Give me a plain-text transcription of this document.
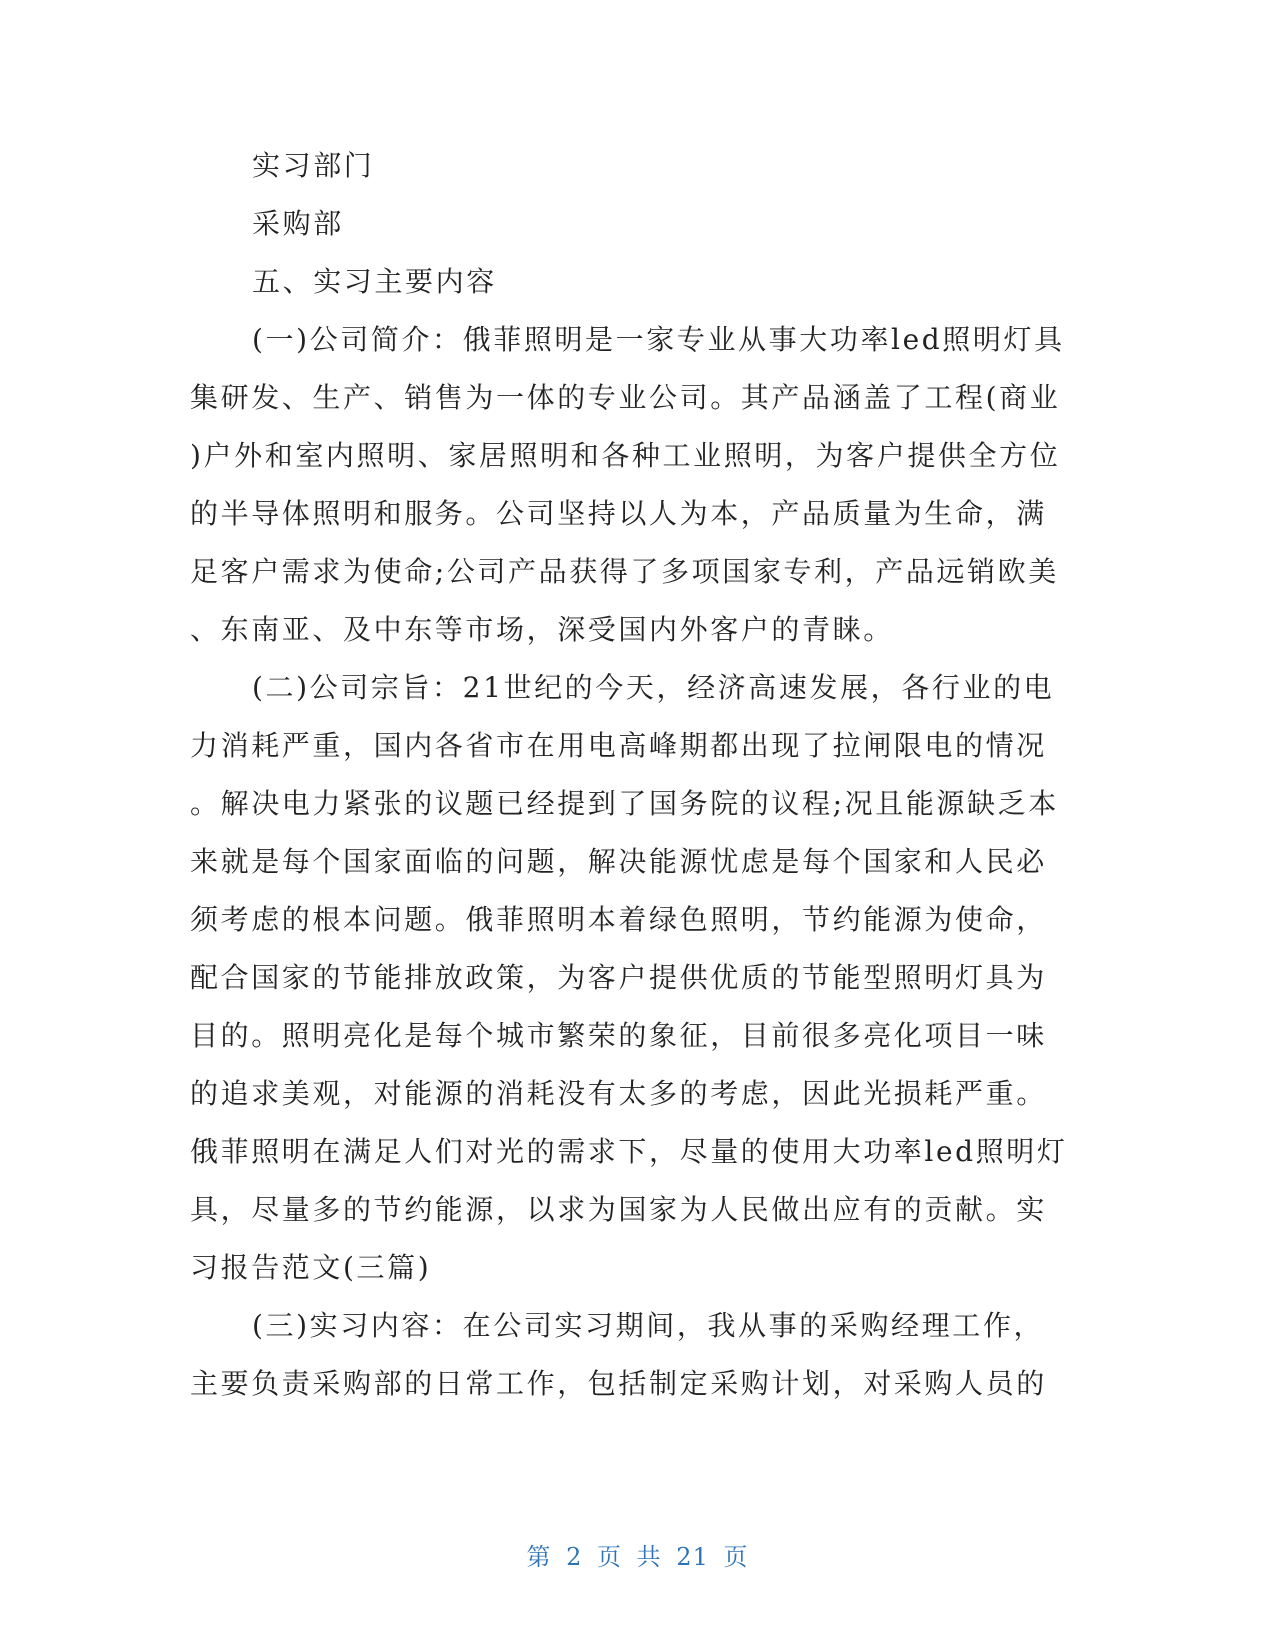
实习部门
采购部
五、实习主要内容
(一)公司简介：俄菲照明是一家专业从事大功率led照明灯具
集研发、生产、销售为一体的专业公司。其产品涵盖了工程(商业
)户外和室内照明、家居照明和各种工业照明，为客户提供全方位
的半导体照明和服务。公司坚持以人为本，产品质量为生命，满
足客户需求为使命;公司产品获得了多项国家专利，产品远销欧美
、东南亚、及中东等市场，深受国内外客户的青睐。
(二)公司宗旨：21世纪的今天，经济高速发展，各行业的电
力消耗严重，国内各省市在用电高峰期都出现了拉闸限电的情况
。解决电力紧张的议题已经提到了国务院的议程;况且能源缺乏本
来就是每个国家面临的问题，解决能源忧虑是每个国家和人民必
须考虑的根本问题。俄菲照明本着绿色照明，节约能源为使命，
配合国家的节能排放政策，为客户提供优质的节能型照明灯具为
目的。照明亮化是每个城市繁荣的象征，目前很多亮化项目一味
的追求美观，对能源的消耗没有太多的考虑，因此光损耗严重。
俄菲照明在满足人们对光的需求下，尽量的使用大功率led照明灯
具，尽量多的节约能源，以求为国家为人民做出应有的贡献。实
习报告范文(三篇)
(三)实习内容：在公司实习期间，我从事的采购经理工作，
主要负责采购部的日常工作，包括制定采购计划，对采购人员的
第 2 页 共 21 页
